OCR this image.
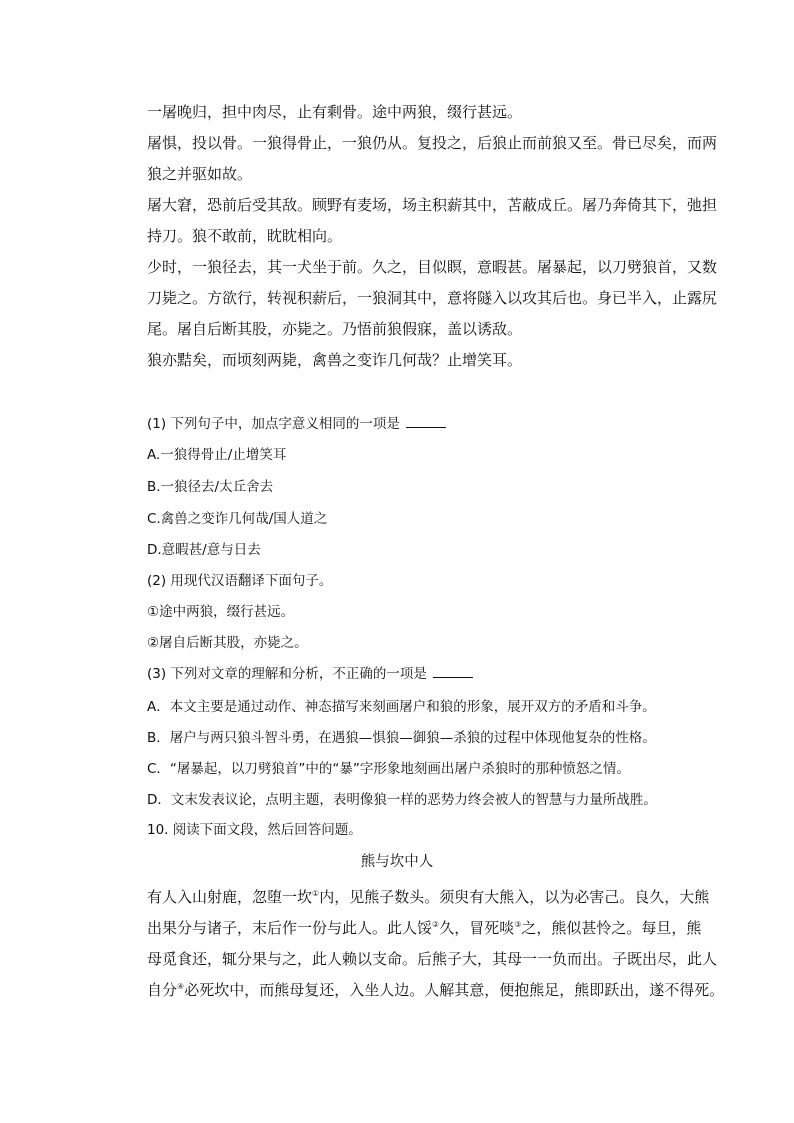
一屠晚归，担中肉尽，止有剩骨。途中两狼，缀行甚远。
屠惧，投以骨。一狼得骨止，一狼仍从。复投之，后狼止而前狼又至。骨已尽矣，而两
狼之并驱如故。
屠大窘，恐前后受其敌。顾野有麦场，场主积薪其中，苫蔽成丘。屠乃奔倚其下，弛担
持刀。狼不敢前，眈眈相向。
少时，一狼径去，其一犬坐于前。久之，目似瞑，意暇甚。屠暴起，以刀劈狼首，又数
刀毙之。方欲行，转视积薪后，一狼洞其中，意将隧入以攻其后也。身已半入，止露尻
尾。屠自后断其股，亦毙之。乃悟前狼假寐，盖以诱敌。
狼亦黠矣，而顷刻两毙，禽兽之变诈几何哉？止增笑耳。
(1) 下列句子中，加点字意义相同的一项是
A.一狼得骨止/止增笑耳
B.一狼径去/太丘舍去
C.禽兽之变诈几何哉/国人道之
D.意暇甚/意与日去
(2) 用现代汉语翻译下面句子。
①途中两狼，缀行甚远。
②屠自后断其股，亦毙之。
(3) 下列对文章的理解和分析，不正确的一项是
A．本文主要是通过动作、神态描写来刻画屠户和狼的形象，展开双方的矛盾和斗争。
B．屠户与两只狼斗智斗勇，在遇狼—惧狼—御狼—杀狼的过程中体现他复杂的性格。
C．“屠暴起，以刀劈狼首”中的“暴”字形象地刻画出屠户杀狼时的那种愤怒之情。
D．文末发表议论，点明主题，表明像狼一样的恶势力终会被人的智慧与力量所战胜。
10. 阅读下面文段，然后回答问题。
熊与坎中人
有人入山射鹿，忽堕一坎①内，见熊子数头。须臾有大熊入，以为必害己。良久，大熊
出果分与诸子，末后作一份与此人。此人馁②久，冒死啖③之，熊似甚怜之。每旦，熊
母觅食还，辄分果与之，此人赖以支命。后熊子大，其母一一负而出。子既出尽，此人
自分④必死坎中，而熊母复还，入坐人边。人解其意，便抱熊足，熊即跃出，遂不得死。
